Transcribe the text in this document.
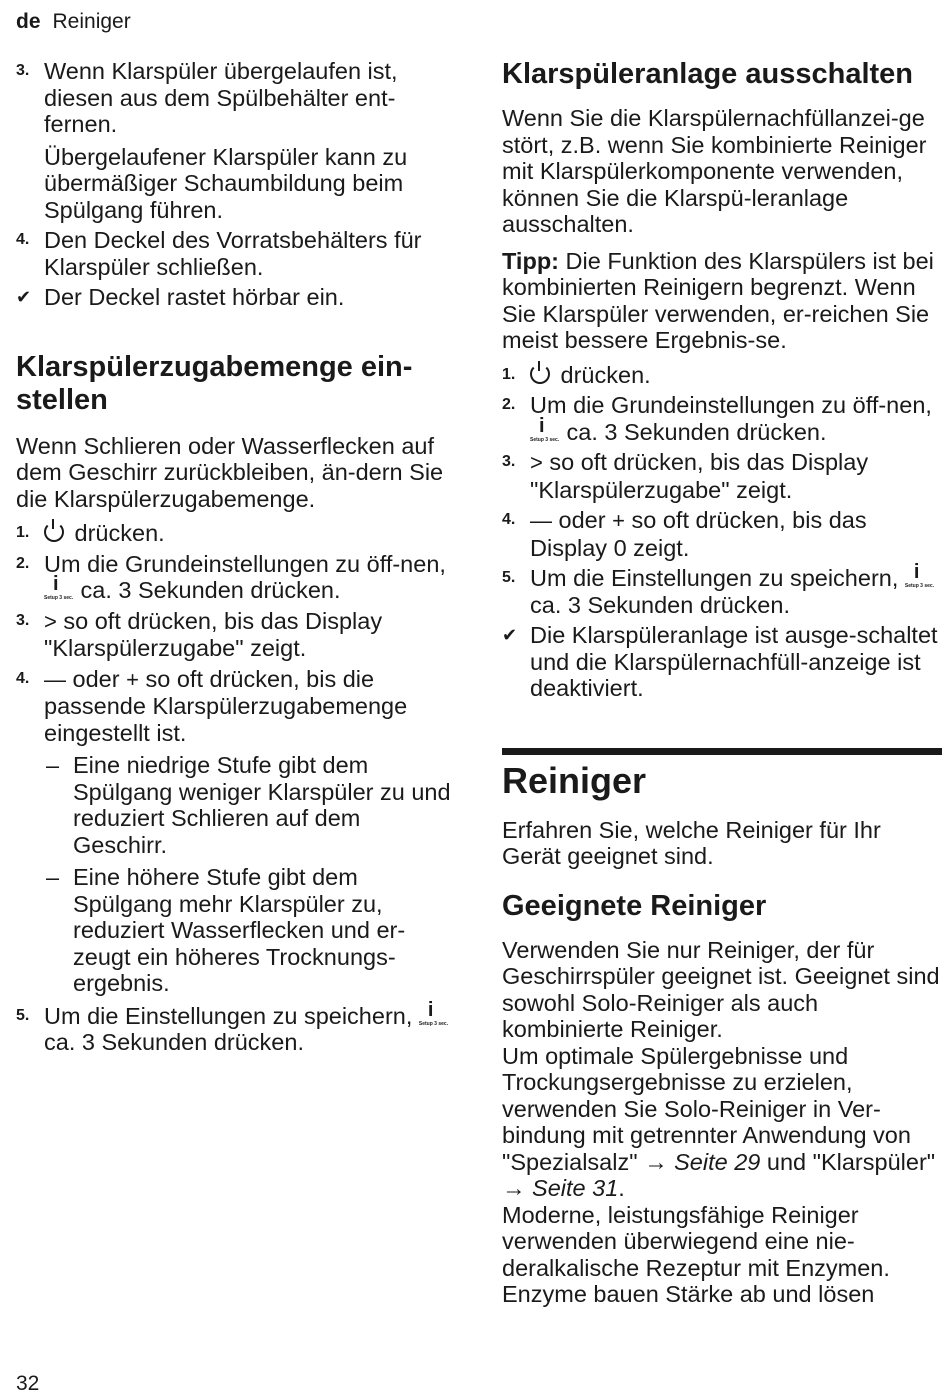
de Reiniger
3. Wenn Klarspüler übergelaufen ist, diesen aus dem Spülbehälter ent-fernen.
Übergelaufener Klarspüler kann zu übermäßiger Schaumbildung beim Spülgang führen.
4. Den Deckel des Vorratsbehälters für Klarspüler schließen.
✔ Der Deckel rastet hörbar ein.
Klarspülerzugabemenge ein-stellen

Wenn Schlieren oder Wasserflecken auf dem Geschirr zurückbleiben, än-dern Sie die Klarspülerzugabemenge.

1. drücken.
2. Um die Grundeinstellungen zu öff-nen,
i
Setup 3 sec. ca. 3 Sekunden drücken.
3. > so oft drücken, bis das Display "Klarspülerzugabe" zeigt.
4. — oder + so oft drücken, bis die passende Klarspülerzugabemenge eingestellt ist.
– Eine niedrige Stufe gibt dem Spülgang weniger Klarspüler zu und reduziert Schlieren auf dem Geschirr.
– Eine höhere Stufe gibt dem Spülgang mehr Klarspüler zu, reduziert Wasserflecken und er-zeugt ein höheres Trocknungs-ergebnis.
5. Um die Einstellungen zu speichern, i
Setup 3 sec.
ca. 3 Sekunden drücken.
Klarspüleranlage ausschalten

Wenn Sie die Klarspülernachfüllanzei-ge stört, z.B. wenn Sie kombinierte Reiniger mit Klarspülerkomponente verwenden, können Sie die Klarspü-leranlage ausschalten.

Tipp: Die Funktion des Klarspülers ist bei kombinierten Reinigern begrenzt. Wenn Sie Klarspüler verwenden, er-reichen Sie meist bessere Ergebnis-se.

1. drücken.
2. Um die Grundeinstellungen zu öff-nen,
i
Setup 3 sec. ca. 3 Sekunden drücken.
3. > so oft drücken, bis das Display "Klarspülerzugabe" zeigt.
4. — oder + so oft drücken, bis das Display 0 zeigt.
5. Um die Einstellungen zu speichern, i
Setup 3 sec.
ca. 3 Sekunden drücken.
✔ Die Klarspüleranlage ist ausge-schaltet und die Klarspülernachfüll-anzeige ist deaktiviert.
Reiniger

Erfahren Sie, welche Reiniger für Ihr Gerät geeignet sind.

Geeignete Reiniger

Verwenden Sie nur Reiniger, der für Geschirrspüler geeignet ist. Geeignet sind sowohl Solo-Reiniger als auch kombinierte Reiniger.

Um optimale Spülergebnisse und Trockungsergebnisse zu erzielen, verwenden Sie Solo-Reiniger in Ver-bindung mit getrennter Anwendung von "Spezialsalz" → Seite 29 und "Klarspüler" → Seite 31.

Moderne, leistungsfähige Reiniger verwenden überwiegend eine nie-deralkalische Rezeptur mit Enzymen. Enzyme bauen Stärke ab und lösen

32
